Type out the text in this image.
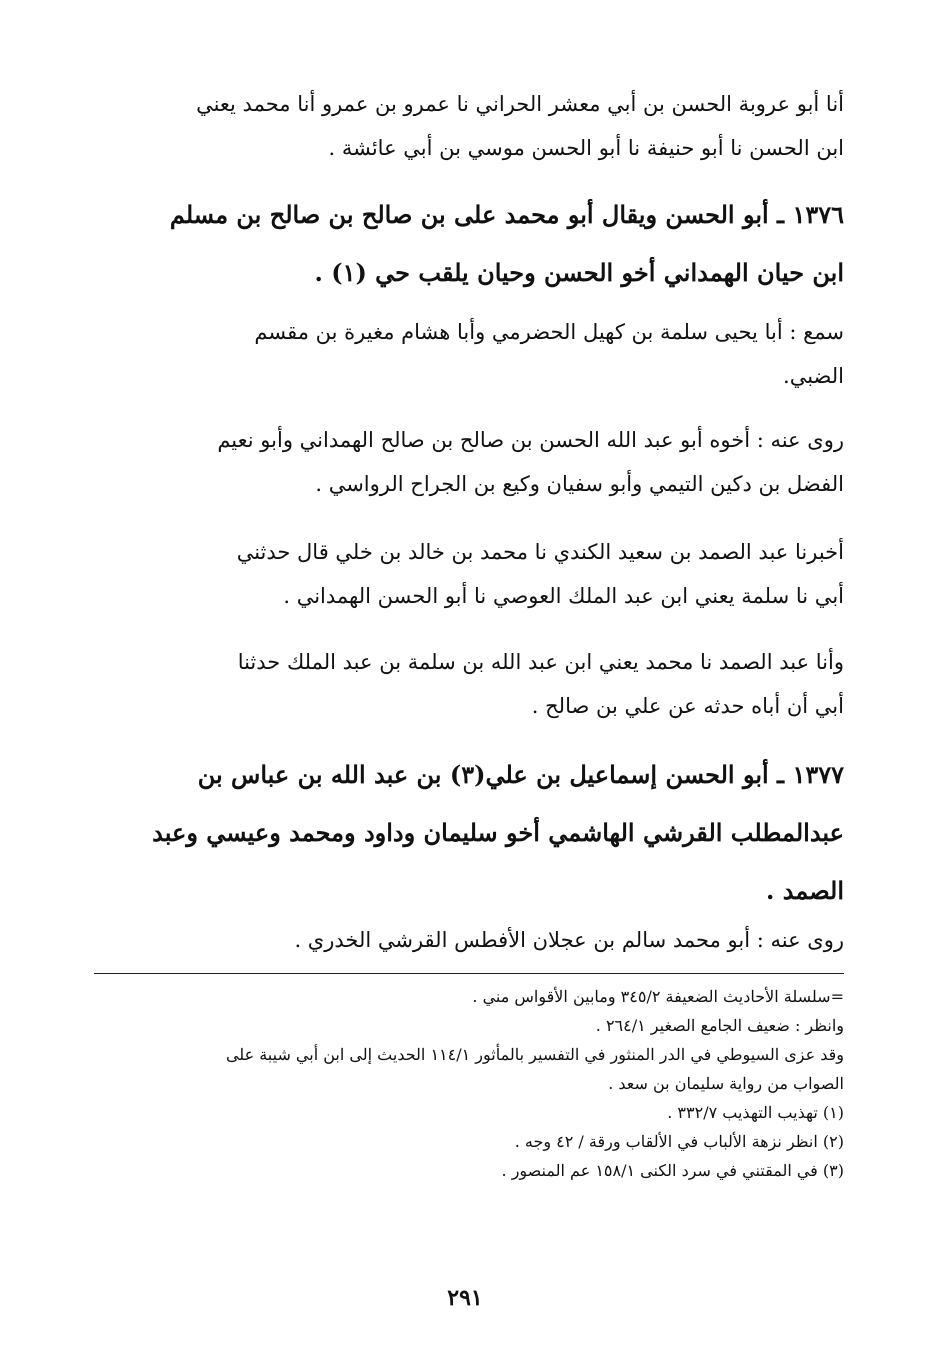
أنا أبو عروبة الحسن بن أبي معشر الحراني نا عمرو بن عمرو أنا محمد يعني
ابن الحسن نا أبو حنيفة نا أبو الحسن موسي بن أبي عائشة .
١٣٧٦ ـ أبو الحسن ويقال أبو محمد على بن صالح بن صالح بن مسلم
ابن حيان الهمداني أخو الحسن وحيان يلقب حي (١) .
سمع : أبا يحيى سلمة بن كهيل الحضرمي وأبا هشام مغيرة بن مقسم
الضبي.
روى عنه : أخوه أبو عبد الله الحسن بن صالح بن صالح الهمداني وأبو نعيم
الفضل بن دكين التيمي وأبو سفيان وكيع بن الجراح الرواسي .
أخبرنا عبد الصمد بن سعيد الكندي نا محمد بن خالد بن خلي قال حدثني
أبي نا سلمة يعني ابن عبد الملك العوصي نا أبو الحسن الهمداني .
وأنا عبد الصمد نا محمد يعني ابن عبد الله بن سلمة بن عبد الملك حدثنا
أبي أن أباه حدثه عن علي بن صالح .
١٣٧٧ ـ أبو الحسن إسماعيل بن علي(٣) بن عبد الله بن عباس بن
عبدالمطلب القرشي الهاشمي أخو سليمان وداود ومحمد وعيسي وعبد
الصمد .
روى عنه : أبو محمد سالم بن عجلان الأفطس القرشي الخدري .
=سلسلة الأحاديث الضعيفة ٣٤٥/٢ ومابين الأقواس مني .
وانظر : ضعيف الجامع الصغير ٢٦٤/١ .
وقد عزى السيوطي في الدر المنثور في التفسير بالمأثور ١١٤/١ الحديث إلى ابن أبي شيبة على
الصواب من رواية سليمان بن سعد .
(١) تهذيب التهذيب ٣٣٢/٧ .
(٢) انظر نزهة الألباب في الألقاب ورقة / ٤٢ وجه .
(٣) في المقتني في سرد الكنى ١٥٨/١ عم المنصور .
٢٩١
